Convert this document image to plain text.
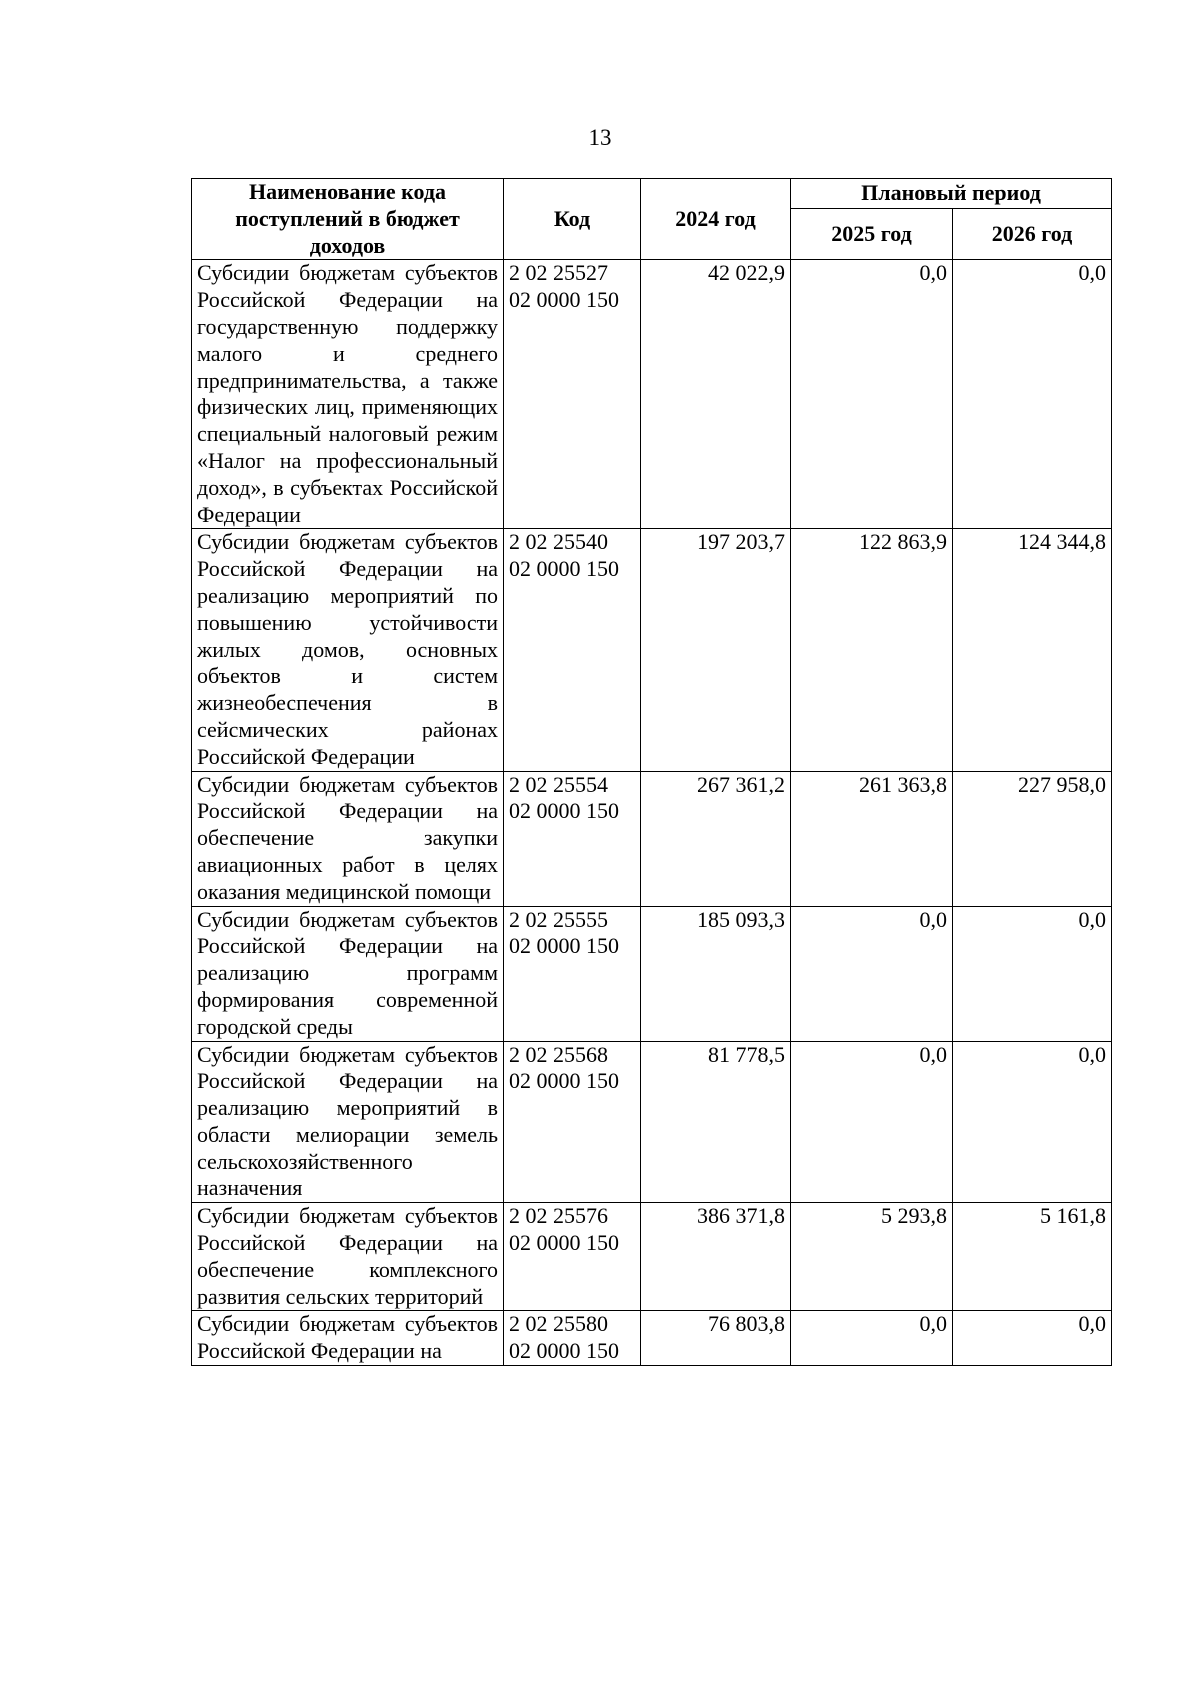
13
Наименование кода поступлений в бюджет доходов	Код	2024 год	Плановый период	
			2025 год	2026 год
Субсидии бюджетам субъектов Российской Федерации на государственную поддержку малого и среднего предпринимательства, а также физических лиц, применяющих специальный налоговый режим «Налог на профессиональный доход», в субъектах Российской Федерации	2 02 25527 02 0000 150	42 022,9	0,0	0,0
Субсидии бюджетам субъектов Российской Федерации на реализацию мероприятий по повышению устойчивости жилых домов, основных объектов и систем жизнеобеспечения в сейсмических районах Российской Федерации	2 02 25540 02 0000 150	197 203,7	122 863,9	124 344,8
Субсидии бюджетам субъектов Российской Федерации на обеспечение закупки авиационных работ в целях оказания медицинской помощи	2 02 25554 02 0000 150	267 361,2	261 363,8	227 958,0
Субсидии бюджетам субъектов Российской Федерации на реализацию программ формирования современной городской среды	2 02 25555 02 0000 150	185 093,3	0,0	0,0
Субсидии бюджетам субъектов Российской Федерации на реализацию мероприятий в области мелиорации земель сельскохозяйственного назначения	2 02 25568 02 0000 150	81 778,5	0,0	0,0
Субсидии бюджетам субъектов Российской Федерации на обеспечение комплексного развития сельских территорий	2 02 25576 02 0000 150	386 371,8	5 293,8	5 161,8
Субсидии бюджетам субъектов Российской Федерации на	2 02 25580 02 0000 150	76 803,8	0,0	0,0
